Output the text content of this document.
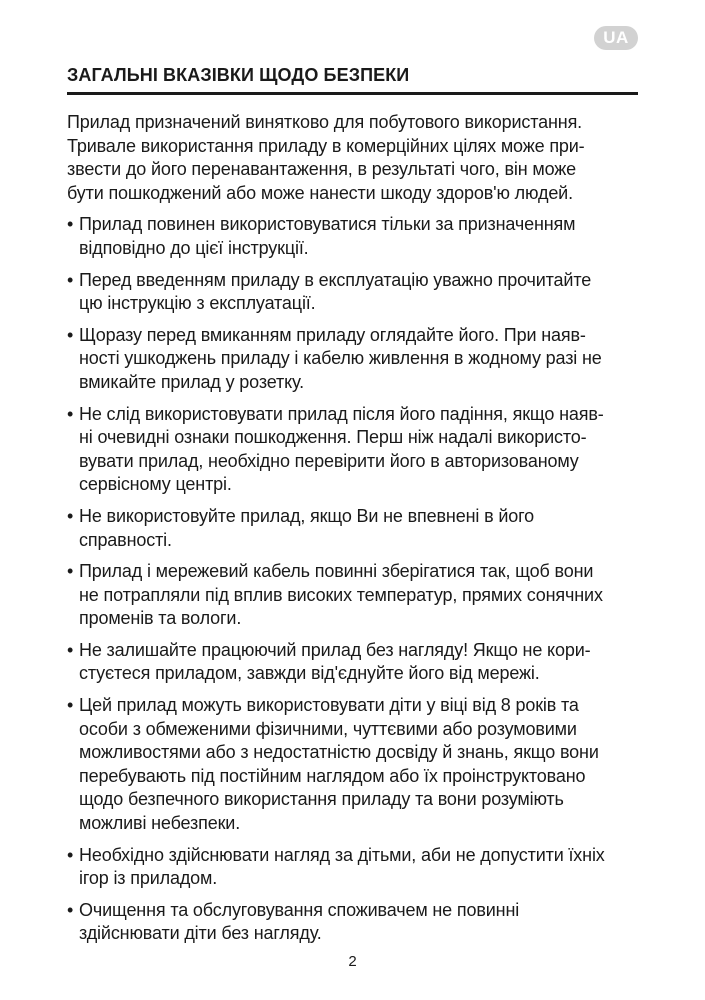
UA
ЗАГАЛЬНІ ВКАЗІВКИ ЩОДО БЕЗПЕКИ

Прилад призначений винятково для побутового використання.
Тривале використання приладу в комерційних цілях може при-
звести до його перенавантаження, в результаті чого, він може
бути пошкоджений або може нанести шкоду здоров'ю людей.

• Прилад повинен використовуватися тільки за призначенням
відповідно до цієї інструкції.
• Перед введенням приладу в експлуатацію уважно прочитайте
цю інструкцію з експлуатації.
• Щоразу перед вмиканням приладу оглядайте його. При наяв-
ності ушкоджень приладу і кабелю живлення в жодному разі не
вмикайте прилад у розетку.
• Не слід використовувати прилад після його падіння, якщо наяв-
ні очевидні ознаки пошкодження. Перш ніж надалі використо-
вувати прилад, необхідно перевірити його в авторизованому
сервісному центрі.
• Не використовуйте прилад, якщо Ви не впевнені в його
справності.
• Прилад і мережевий кабель повинні зберігатися так, щоб вони
не потрапляли під вплив високих температур, прямих сонячних
променів та вологи.
• Не залишайте працюючий прилад без нагляду! Якщо не кори-
стуєтеся приладом, завжди від'єднуйте його від мережі.
• Цей прилад можуть використовувати діти у віці від 8 років та
особи з обмеженими фізичними, чуттєвими або розумовими
можливостями або з недостатністю досвіду й знань, якщо вони
перебувають під постійним наглядом або їх проінструктовано
щодо безпечного використання приладу та вони розуміють
можливі небезпеки.
• Необхідно здійснювати нагляд за дітьми, аби не допустити їхніх
ігор із приладом.
• Очищення та обслуговування споживачем не повинні
здійснювати діти без нагляду.
2
